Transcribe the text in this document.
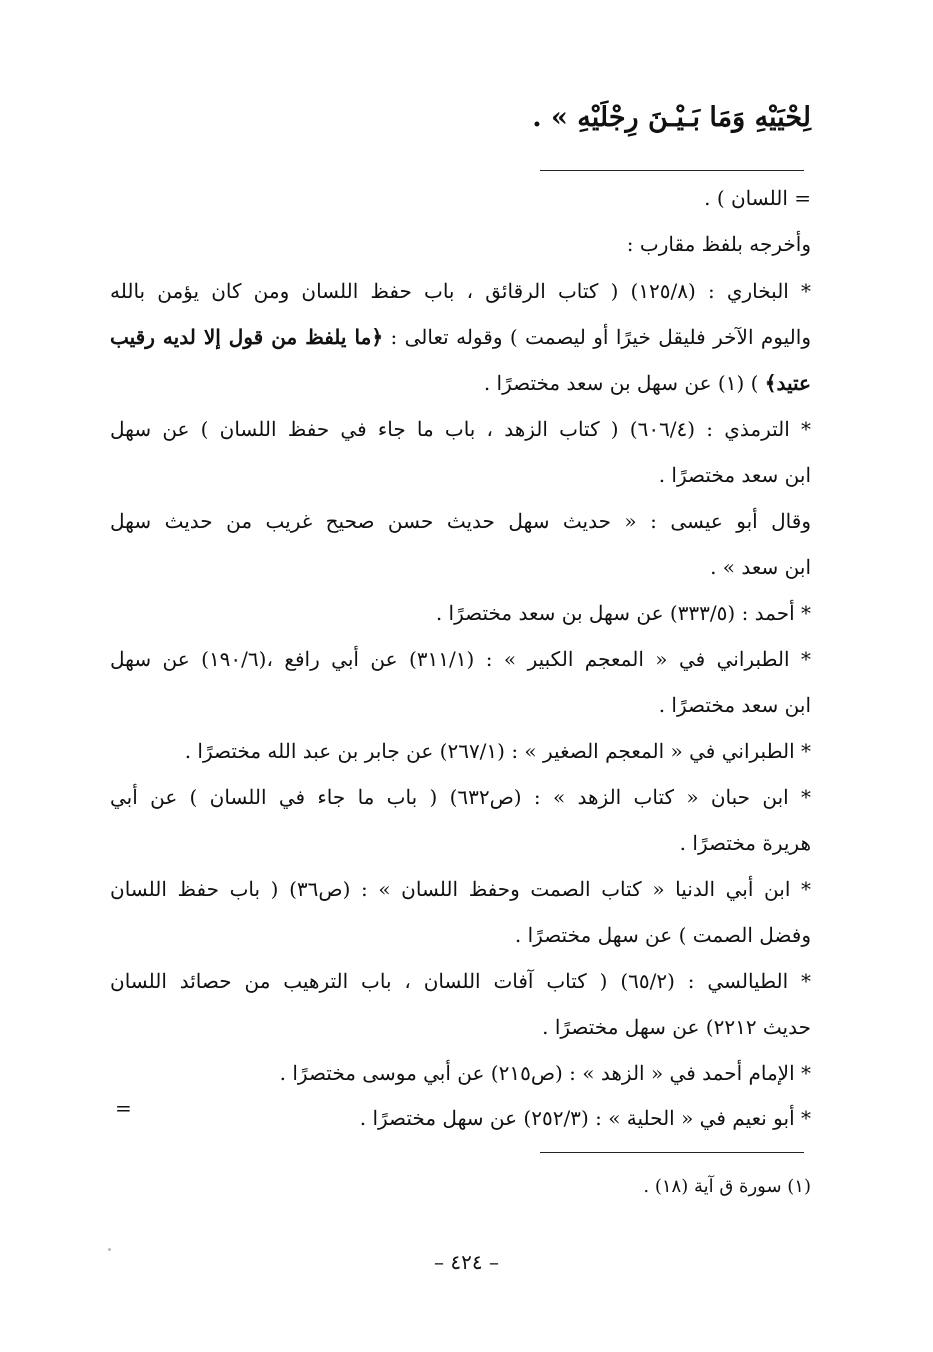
لِحْيَيْهِ وَمَا بَـيْـنَ رِجْلَيْهِ » .
= اللسان ) .
وأخرجه بلفظ مقارب :
* البخاري : (١٢٥/٨) ( كتاب الرقائق ، باب حفظ اللسان ومن كان يؤمن بالله
واليوم الآخر فليقل خيرًا أو ليصمت ) وقوله تعالى : ﴿ما يلفظ من قول إلا لديه رقيب
عتيد﴾ ) (١) عن سهل بن سعد مختصرًا .
* الترمذي : (٦٠٦/٤) ( كتاب الزهد ، باب ما جاء في حفظ اللسان ) عن سهل
ابن سعد مختصرًا .
وقال أبو عيسى : « حديث سهل حديث حسن صحيح غريب من حديث سهل
ابن سعد » .
* أحمد : (٣٣٣/٥) عن سهل بن سعد مختصرًا .
* الطبراني في « المعجم الكبير » : (٣١١/١) عن أبي رافع ،(١٩٠/٦) عن سهل
ابن سعد مختصرًا .
* الطبراني في « المعجم الصغير » : (٢٦٧/١) عن جابر بن عبد الله مختصرًا .
* ابن حبان « كتاب الزهد » : (ص٦٣٢) ( باب ما جاء في اللسان ) عن أبي
هريرة مختصرًا .
* ابن أبي الدنيا « كتاب الصمت وحفظ اللسان » : (ص٣٦) ( باب حفظ اللسان
وفضل الصمت ) عن سهل مختصرًا .
* الطيالسي : (٦٥/٢) ( كتاب آفات اللسان ، باب الترهيب من حصائد اللسان
حديث ٢٢١٢) عن سهل مختصرًا .
* الإمام أحمد في « الزهد » : (ص٢١٥) عن أبي موسى مختصرًا .
* أبو نعيم في « الحلية » : (٢٥٢/٣) عن سهل مختصرًا .
=
(١) سورة ق آية (١٨) .
– ٤٢٤ –
